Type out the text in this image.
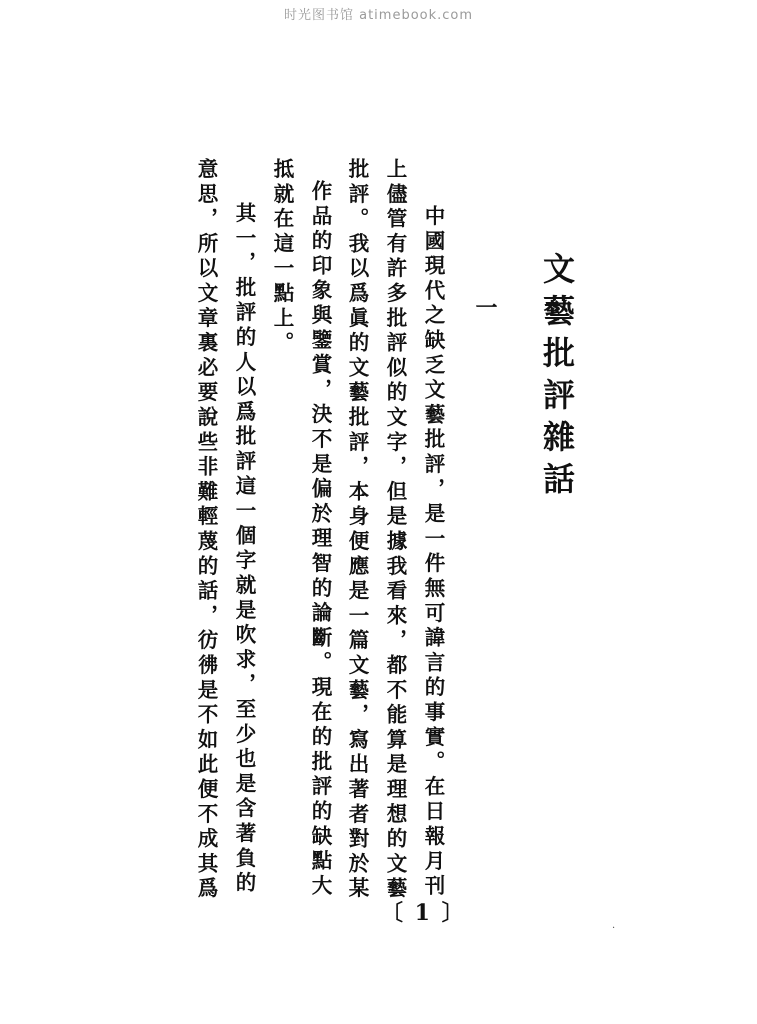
时光图书馆 atimebook.com
文藝批評雜話
一
中國現代之缺乏文藝批評，是一件無可諱言的事實。在日報月刊
上儘管有許多批評似的文字，但是據我看來，都不能算是理想的文藝
批評。我以爲眞的文藝批評，本身便應是一篇文藝，寫出著者對於某
作品的印象與鑒賞，決不是偏於理智的論斷。現在的批評的缺點大
抵就在這一點上。
其一，批評的人以爲批評這一個字就是吹求，至少也是含著負的
意思，所以文章裏必要說些非難輕蔑的話，彷彿是不如此便不成其爲
〔 1 〕
·
